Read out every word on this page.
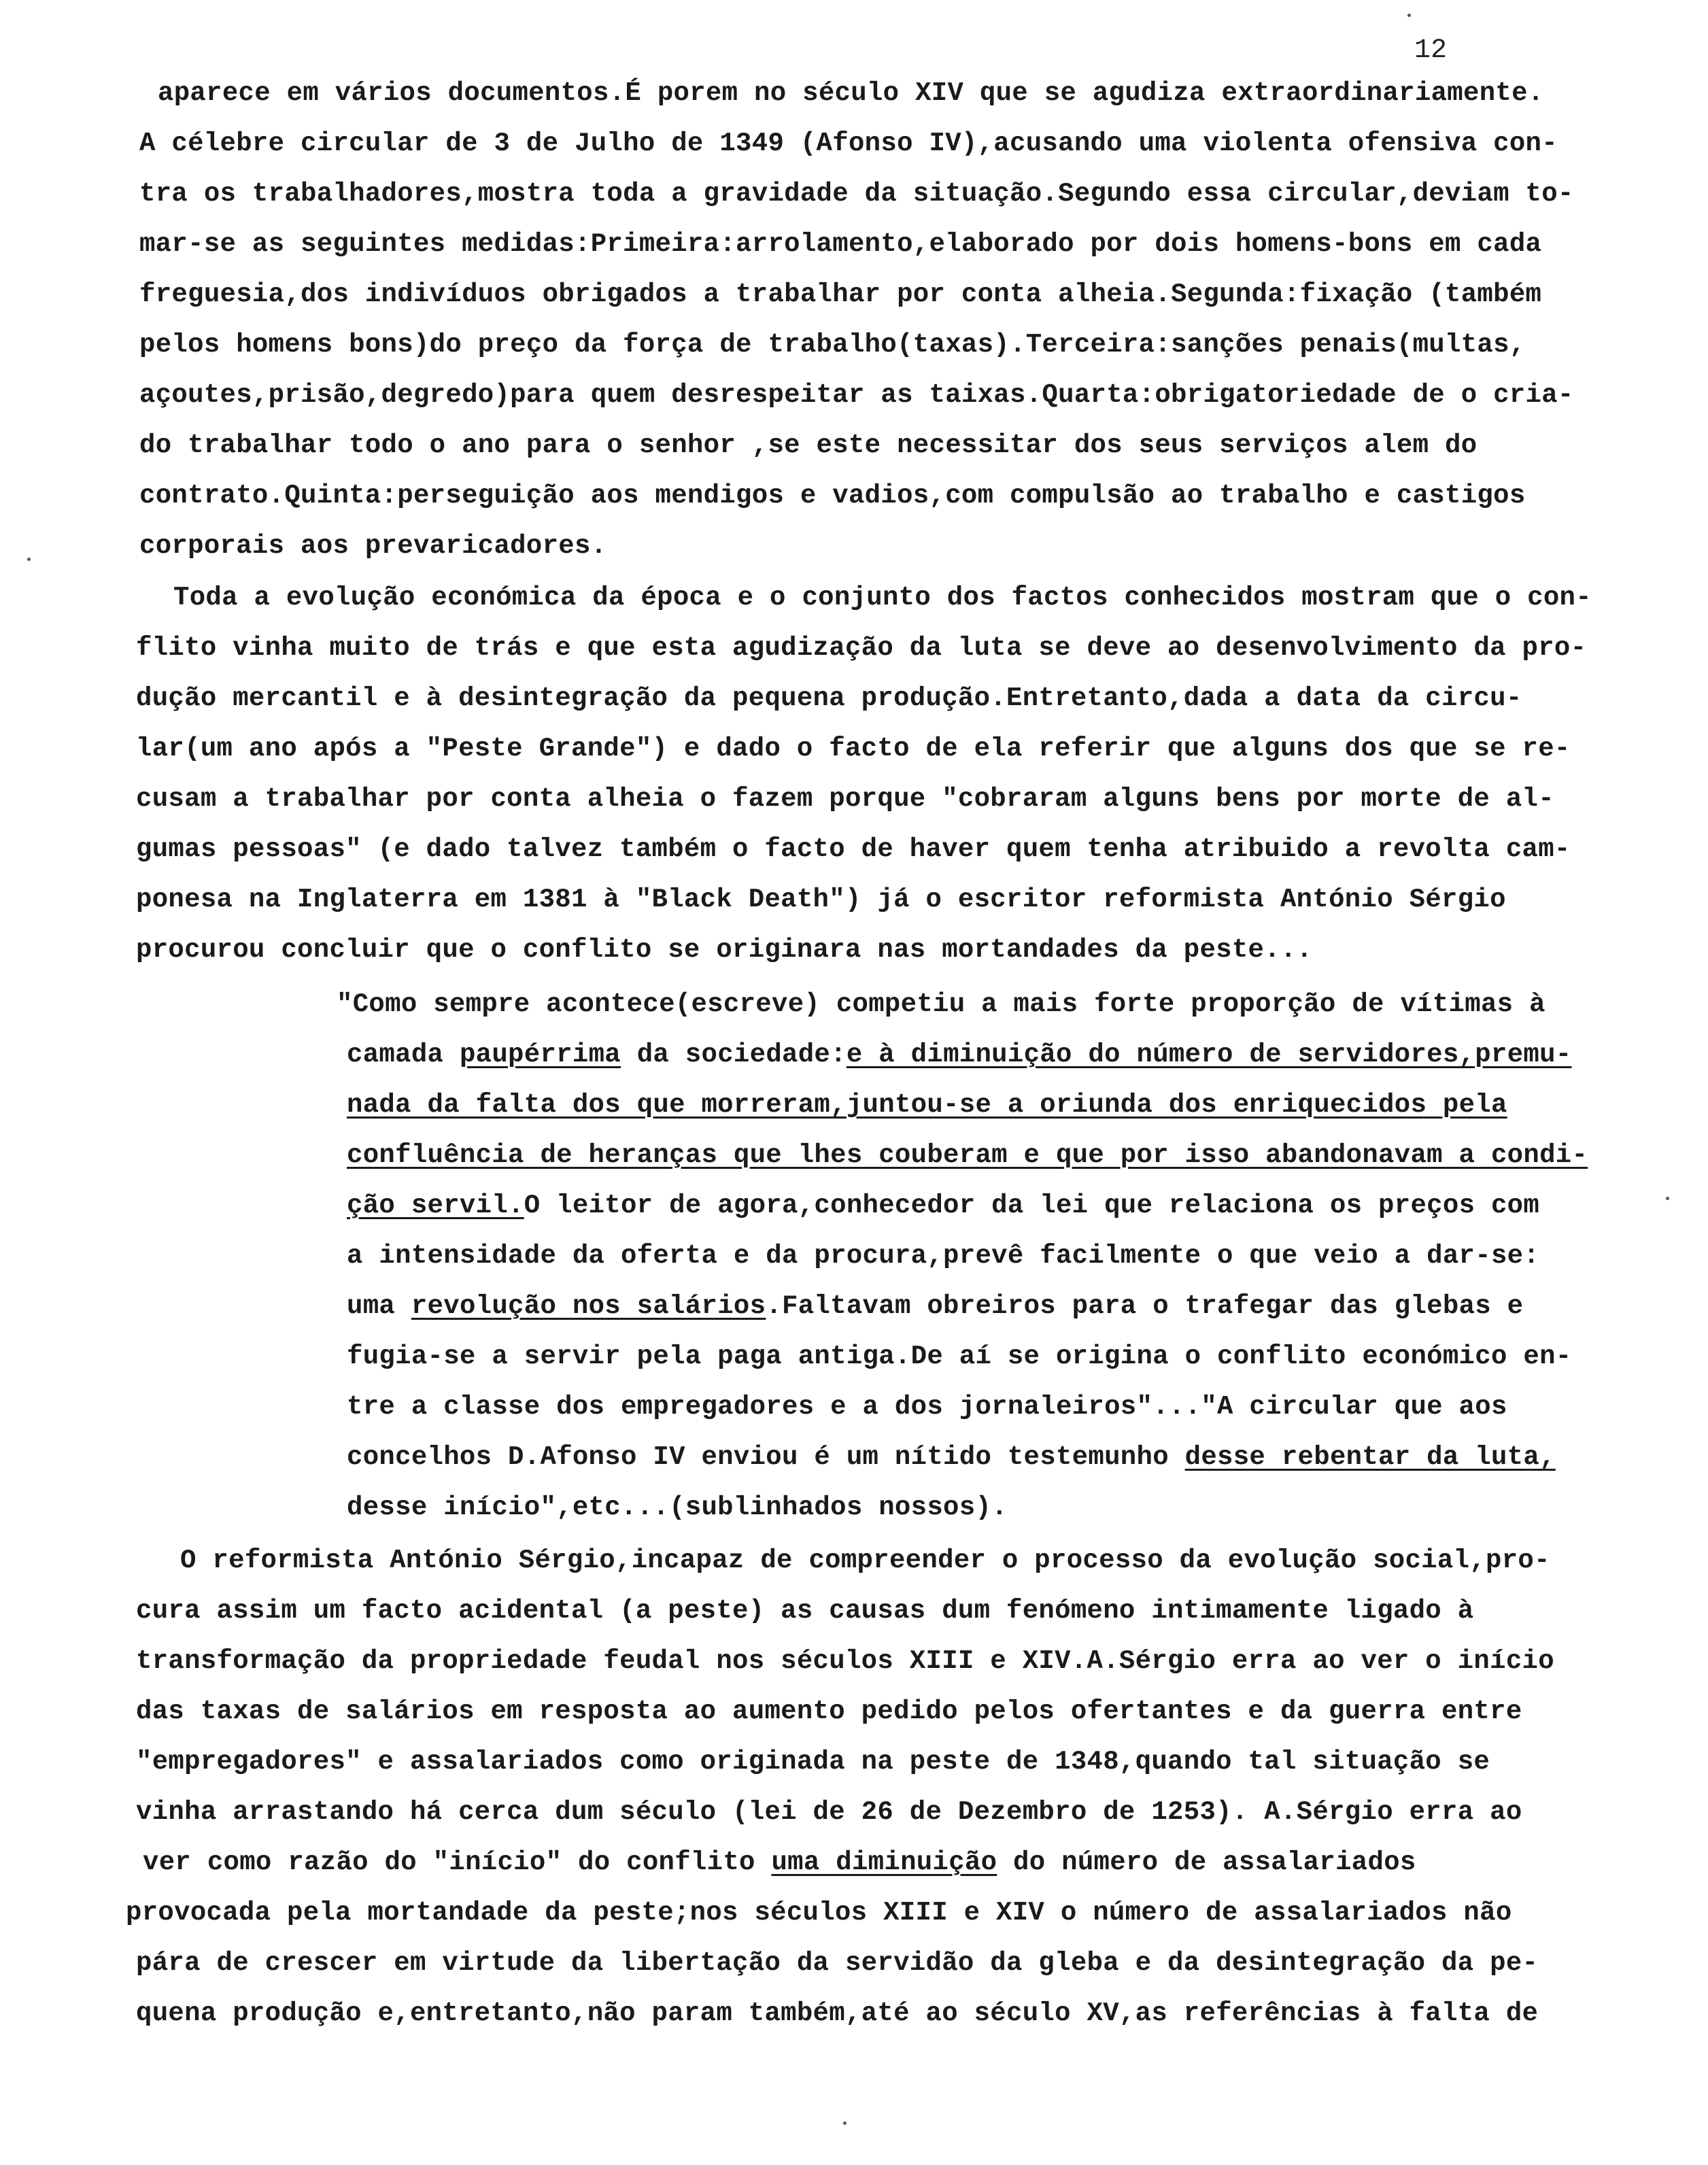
12
aparece em vários documentos.É porem no século XIV que se agudiza extraordinariamente.
A célebre circular de 3 de Julho de 1349 (Afonso IV),acusando uma violenta ofensiva con-
tra os trabalhadores,mostra toda a gravidade da situação.Segundo essa circular,deviam to-
mar-se as seguintes medidas:Primeira:arrolamento,elaborado por dois homens-bons em cada
freguesia,dos indivíduos obrigados a trabalhar por conta alheia.Segunda:fixação (também
pelos homens bons)do preço da força de trabalho(taxas).Terceira:sanções penais(multas,
açoutes,prisão,degredo)para quem desrespeitar as taixas.Quarta:obrigatoriedade de o cria-
do trabalhar todo o ano para o senhor ,se este necessitar dos seus serviços alem do
contrato.Quinta:perseguição aos mendigos e vadios,com compulsão ao trabalho e castigos
corporais aos prevaricadores.
Toda a evolução económica da época e o conjunto dos factos conhecidos mostram que o con-
flito vinha muito de trás e que esta agudização da luta se deve ao desenvolvimento da pro-
dução mercantil e à desintegração da pequena produção.Entretanto,dada a data da circu-
lar(um ano após a "Peste Grande") e dado o facto de ela referir que alguns dos que se re-
cusam a trabalhar por conta alheia o fazem porque "cobraram alguns bens por morte de al-
gumas pessoas" (e dado talvez também o facto de haver quem tenha atribuido a revolta cam-
ponesa na Inglaterra em 1381 à "Black Death") já o escritor reformista António Sérgio
procurou concluir que o conflito se originara nas mortandades da peste...
"Como sempre acontece(escreve) competiu a mais forte proporção de vítimas à
camada paupérrima da sociedade:e à diminuição do número de servidores,premu-
nada da falta dos que morreram,juntou-se a oriunda dos enriquecidos pela
confluência de heranças que lhes couberam e que por isso abandonavam a condi-
ção servil.O leitor de agora,conhecedor da lei que relaciona os preços com
a intensidade da oferta e da procura,prevê facilmente o que veio a dar-se:
uma revolução nos salários.Faltavam obreiros para o trafegar das glebas e
fugia-se a servir pela paga antiga.De aí se origina o conflito económico en-
tre a classe dos empregadores e a dos jornaleiros"..."A circular que aos
concelhos D.Afonso IV enviou é um nítido testemunho desse rebentar da luta,
desse início",etc...(sublinhados nossos).
O reformista António Sérgio,incapaz de compreender o processo da evolução social,pro-
cura assim um facto acidental (a peste) as causas dum fenómeno intimamente ligado à
transformação da propriedade feudal nos séculos XIII e XIV.A.Sérgio erra ao ver o início
das taxas de salários em resposta ao aumento pedido pelos ofertantes e da guerra entre
"empregadores" e assalariados como originada na peste de 1348,quando tal situação se
vinha arrastando há cerca dum século (lei de 26 de Dezembro de 1253). A.Sérgio erra ao
ver como razão do "início" do conflito uma diminuição do número de assalariados
provocada pela mortandade da peste;nos séculos XIII e XIV o número de assalariados não
pára de crescer em virtude da libertação da servidão da gleba e da desintegração da pe-
quena produção e,entretanto,não param também,até ao século XV,as referências à falta de
